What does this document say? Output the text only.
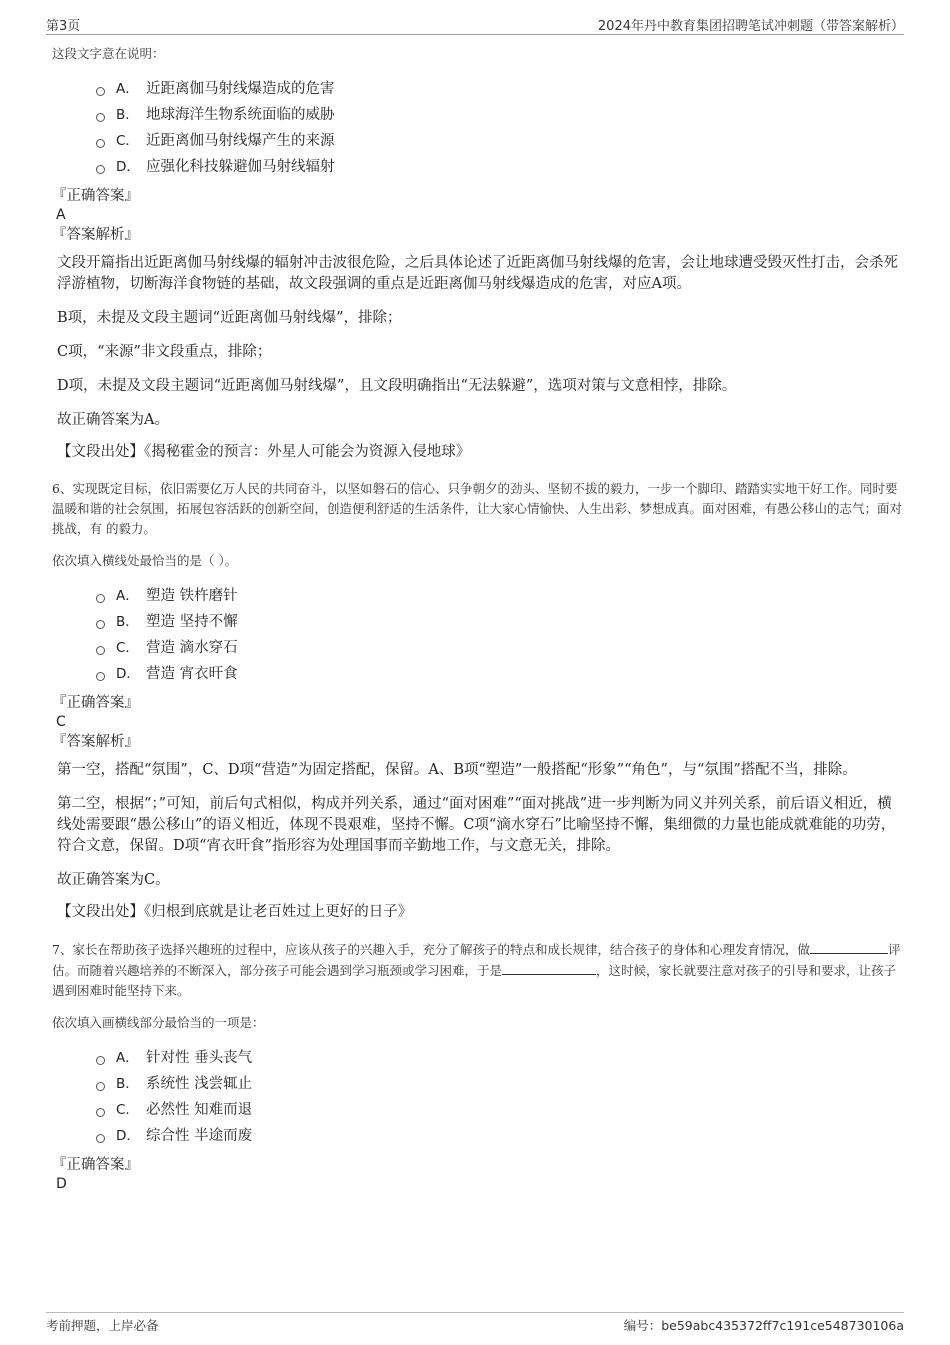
第3页	2024年丹中教育集团招聘笔试冲刺题（带答案解析）
这段文字意在说明：
A． 近距离伽马射线爆造成的危害
B． 地球海洋生物系统面临的威胁
C． 近距离伽马射线爆产生的来源
D． 应强化科技躲避伽马射线辐射
『正确答案』
A
『答案解析』
文段开篇指出近距离伽马射线爆的辐射冲击波很危险，之后具体论述了近距离伽马射线爆的危害，会让地球遭受毁灭性打击，会杀死浮游植物，切断海洋食物链的基础，故文段强调的重点是近距离伽马射线爆造成的危害，对应A项。
B项，未提及文段主题词“近距离伽马射线爆”，排除；
C项，“来源”非文段重点，排除；
D项，未提及文段主题词“近距离伽马射线爆”，且文段明确指出“无法躲避”，选项对策与文意相悖，排除。
故正确答案为A。
【文段出处】《揭秘霍金的预言：外星人可能会为资源入侵地球》
6、实现既定目标，依旧需要亿万人民的共同奋斗，以坚如磐石的信心、只争朝夕的劲头、坚韧不拔的毅力，一步一个脚印、踏踏实实地干好工作。同时要 温暖和谐的社会氛围，拓展包容活跃的创新空间，创造便利舒适的生活条件，让大家心情愉快、人生出彩、梦想成真。面对困难，有愚公移山的志气；面对挑战，有 的毅力。
依次填入横线处最恰当的是（ ）。
A． 塑造 铁杵磨针
B． 塑造 坚持不懈
C． 营造 滴水穿石
D． 营造 宵衣旰食
『正确答案』
C
『答案解析』
第一空，搭配“氛围”，C、D项“营造”为固定搭配，保留。A、B项“塑造”一般搭配“形象”“角色”，与“氛围”搭配不当，排除。
第二空，根据“；”可知，前后句式相似，构成并列关系，通过“面对困难”“面对挑战”进一步判断为同义并列关系，前后语义相近，横线处需要跟“愚公移山”的语义相近，体现不畏艰难，坚持不懈。C项“滴水穿石”比喻坚持不懈，集细微的力量也能成就难能的功劳，符合文意，保留。D项“宵衣旰食”指形容为处理国事而辛勤地工作，与文意无关，排除。
故正确答案为C。
【文段出处】《归根到底就是让老百姓过上更好的日子》
7、家长在帮助孩子选择兴趣班的过程中，应该从孩子的兴趣入手，充分了解孩子的特点和成长规律，结合孩子的身体和心理发育情况，做	评估。而随着兴趣培养的不断深入，部分孩子可能会遇到学习瓶颈或学习困难，于是	，这时候，家长就要注意对孩子的引导和要求，让孩子遇到困难时能坚持下来。
依次填入画横线部分最恰当的一项是：
A． 针对性 垂头丧气
B． 系统性 浅尝辄止
C． 必然性 知难而退
D． 综合性 半途而废
『正确答案』
D
考前押题，上岸必备	编号：be59abc435372ff7c191ce548730106a
